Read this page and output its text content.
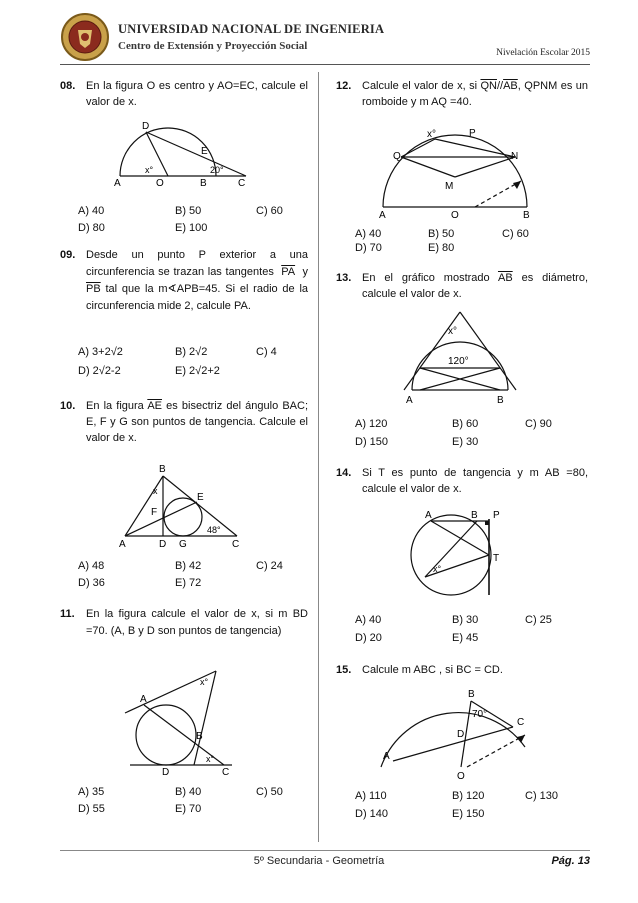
UNIVERSIDAD NACIONAL DE INGENIERIA
Centro de Extensión y Proyección Social
Nivelación Escolar 2015
08. En la figura O es centro y AO=EC, calcule el valor de x.
D
E
x°	20°
A	O	B	C
A) 40	B) 50	C) 60
D) 80	E) 100
09. Desde un punto P exterior a una circunferencia se trazan las tangentes $\overline{PA}$ y $\overline{PB}$ tal que la m∢APB=45. Si el radio de la circunferencia mide 2, calcule PA.
A) 3+2√2	B) 2√2	C) 4
D) 2√2-2	E) 2√2+2
10. En la figura $\overline{AE}$ es bisectriz del ángulo BAC; E, F y G son puntos de tangencia. Calcule el valor de x.
B
x
E
F
48°
A	D G	C
A) 48	B) 42	C) 24
D) 36	E) 72
11. En la figura calcule el valor de x, si m BD =70. (A, B y D son puntos de tangencia)
x°
A
B
x°
D	C
A) 35	B) 40	C) 50
D) 55	E) 70
12. Calcule el valor de x, si $\overline{QN}//\overline{AB}$, QPNM es un romboide y m AQ =40.
x°	P
Q	N
M
A	O	B
A) 40	B) 50	C) 60
D) 70	E) 80
13. En el gráfico mostrado $\overline{AB}$ es diámetro, calcule el valor de x.
x°
120°
A	B
A) 120	B) 60	C) 90
D) 150	E) 30
14. Si T es punto de tangencia y m AB =80, calcule el valor de x.
A	B P
T
x°
A) 40	B) 30	C) 25
D) 20	E) 45
15. Calcule m ABC , si BC = CD.
B
70°
C
D
A
O
A) 110	B) 120	C) 130
D) 140	E) 150
5º Secundaria - Geometría	Pág. 13
